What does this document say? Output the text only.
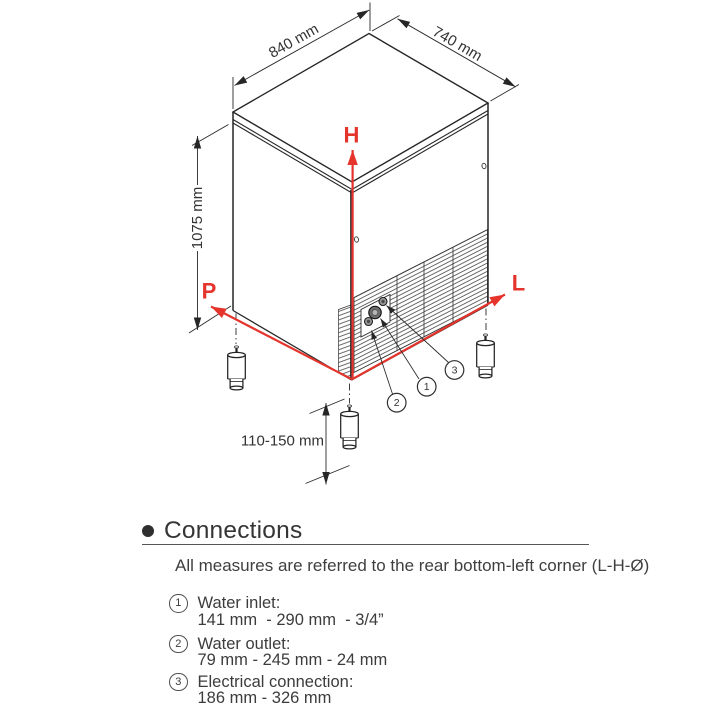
840 mm	740 mm
1075 mm
110-150 mm
H
P	L
1
2
3
Connections
All measures are referred to the rear bottom-left corner (L-H-Ø)
1 Water inlet:
141 mm  - 290 mm  - 3/4”
2 Water outlet:
79 mm - 245 mm - 24 mm
3 Electrical connection:
186 mm - 326 mm
